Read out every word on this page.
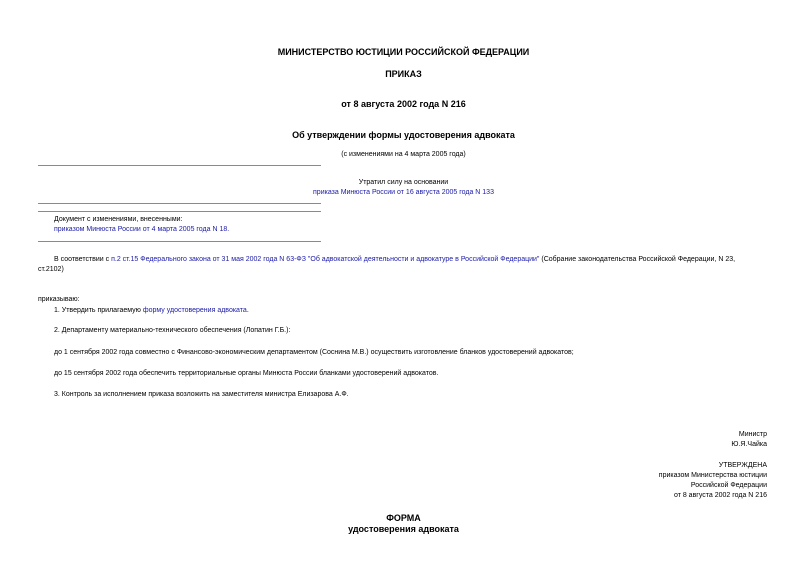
МИНИСТЕРСТВО ЮСТИЦИИ РОССИЙСКОЙ ФЕДЕРАЦИИ
ПРИКАЗ
от 8 августа 2002 года N 216
Об утверждении формы удостоверения адвоката
(с изменениями на 4 марта 2005 года)
Утратил силу на основании
приказа Минюста России от 16 августа 2005 года N 133
Документ с изменениями, внесенными:
приказом Минюста России от 4 марта 2005 года N 18.
В соответствии с п.2 ст.15 Федерального закона от 31 мая 2002 года N 63-ФЗ "Об адвокатской деятельности и адвокатуре в Российской Федерации" (Собрание законодательства Российской Федерации, N 23,
ст.2102)
приказываю:
1. Утвердить прилагаемую форму удостоверения адвоката.
2. Департаменту материально-технического обеспечения (Лопатин Г.Б.):
до 1 сентября 2002 года совместно с Финансово-экономическим департаментом (Соснина М.В.) осуществить изготовление бланков удостоверений адвокатов;
до 15 сентября 2002 года обеспечить территориальные органы Минюста России бланками удостоверений адвокатов.
3. Контроль за исполнением приказа возложить на заместителя министра Елизарова А.Ф.
Министр
Ю.Я.Чайка
УТВЕРЖДЕНА
приказом Министерства юстиции
Российской Федерации
от 8 августа 2002 года N 216
ФОРМА
удостоверения адвоката
